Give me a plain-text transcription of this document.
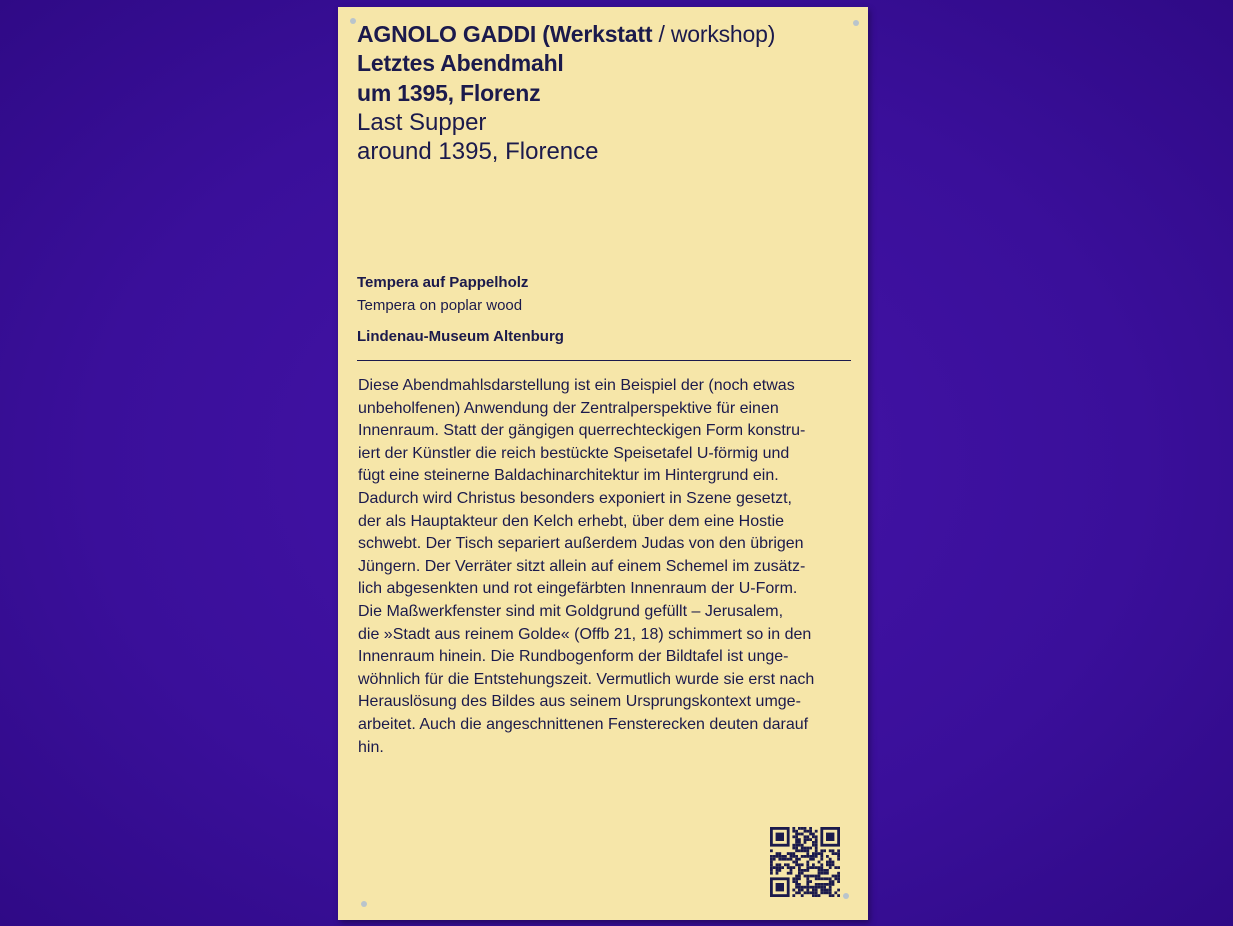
AGNOLO GADDI (Werkstatt / workshop)
Letztes Abendmahl
um 1395, Florenz
Last Supper
around 1395, Florence
Tempera auf Pappelholz
Tempera on poplar wood
Lindenau-Museum Altenburg
Diese Abendmahlsdarstellung ist ein Beispiel der (noch etwas
unbeholfenen) Anwendung der Zentralperspektive für einen
Innenraum. Statt der gängigen querrechteckigen Form konstru-
iert der Künstler die reich bestückte Speisetafel U-förmig und
fügt eine steinerne Baldachinarchitektur im Hintergrund ein.
Dadurch wird Christus besonders exponiert in Szene gesetzt,
der als Hauptakteur den Kelch erhebt, über dem eine Hostie
schwebt. Der Tisch separiert außerdem Judas von den übrigen
Jüngern. Der Verräter sitzt allein auf einem Schemel im zusätz-
lich abgesenkten und rot eingefärbten Innenraum der U-Form.
Die Maßwerkfenster sind mit Goldgrund gefüllt – Jerusalem,
die »Stadt aus reinem Golde« (Offb 21, 18) schimmert so in den
Innenraum hinein. Die Rundbogenform der Bildtafel ist unge-
wöhnlich für die Entstehungszeit. Vermutlich wurde sie erst nach
Herauslösung des Bildes aus seinem Ursprungskontext umge-
arbeitet. Auch die angeschnittenen Fensterecken deuten darauf
hin.
